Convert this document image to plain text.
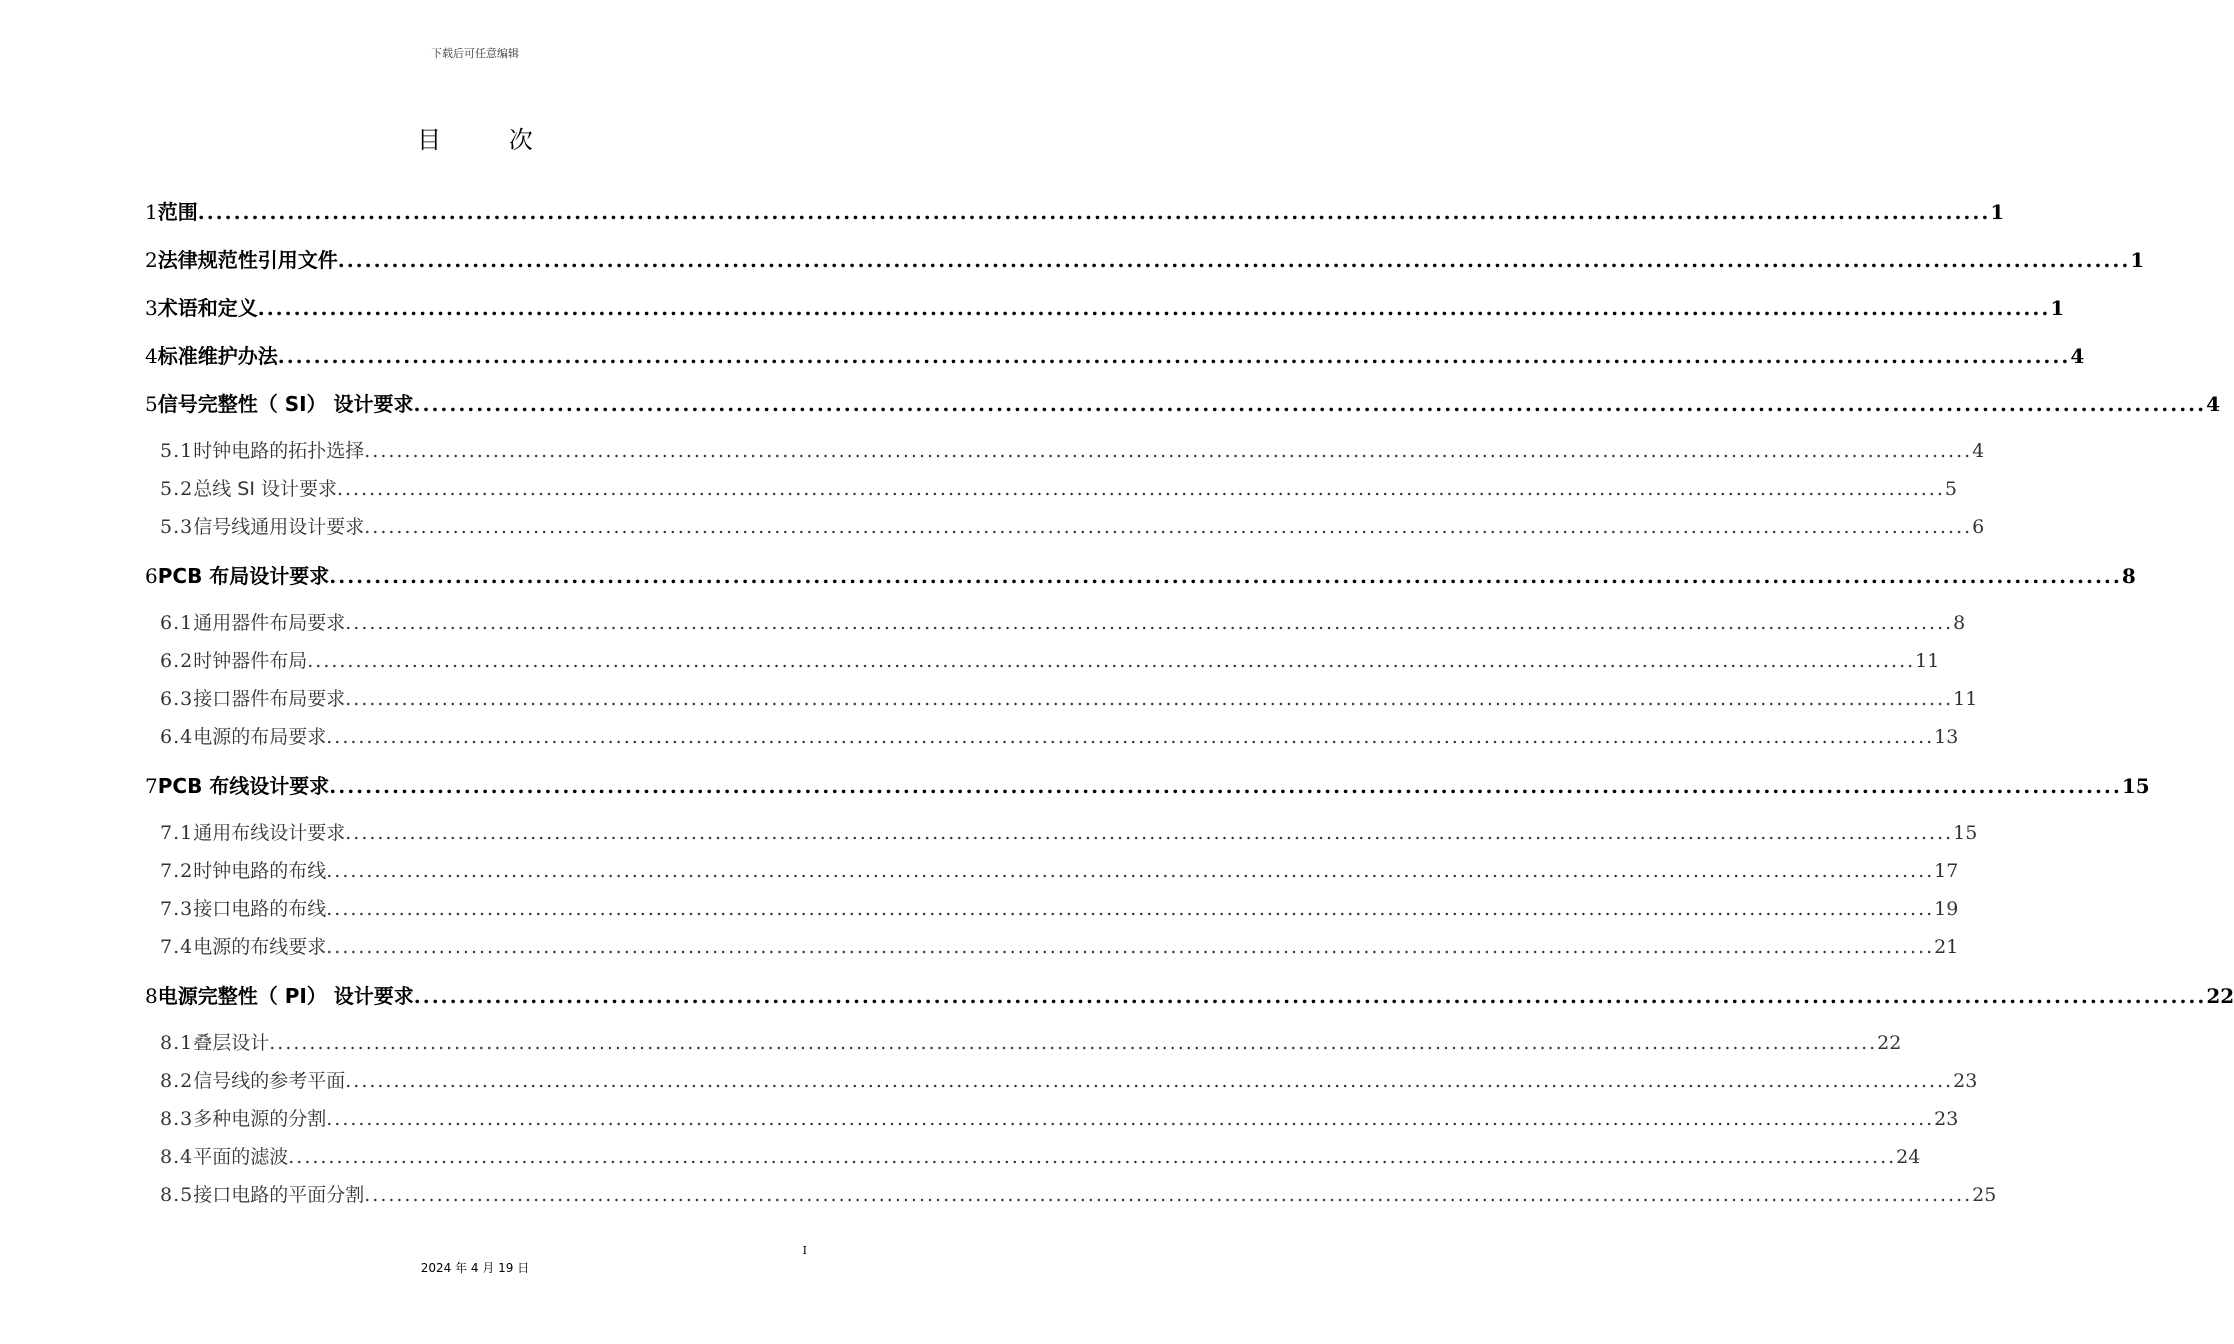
下载后可任意编辑
目 次
1 范围 ........................................................................................................................................................................................................ 1
2 法律规范性引用文件 ........................................................................................................................................................................................................ 1
3 术语和定义 ........................................................................................................................................................................................................ 1
4 标准维护办法 ........................................................................................................................................................................................................ 4
5 信号完整性（ SI） 设计要求 ........................................................................................................................................................................................................ 4
5.1 时钟电路的拓扑选择 ........................................................................................................................................................................................................ 4
5.2 总线 SI 设计要求 ........................................................................................................................................................................................................ 5
5.3 信号线通用设计要求 ........................................................................................................................................................................................................ 6
6 PCB 布局设计要求 ........................................................................................................................................................................................................ 8
6.1 通用器件布局要求 ........................................................................................................................................................................................................ 8
6.2 时钟器件布局 ........................................................................................................................................................................................................ 11
6.3 接口器件布局要求 ........................................................................................................................................................................................................ 11
6.4 电源的布局要求 ........................................................................................................................................................................................................ 13
7 PCB 布线设计要求 ........................................................................................................................................................................................................ 15
7.1 通用布线设计要求 ........................................................................................................................................................................................................ 15
7.2 时钟电路的布线 ........................................................................................................................................................................................................ 17
7.3 接口电路的布线 ........................................................................................................................................................................................................ 19
7.4 电源的布线要求 ........................................................................................................................................................................................................ 21
8 电源完整性（ PI） 设计要求 ........................................................................................................................................................................................................ 22
8.1 叠层设计 ........................................................................................................................................................................................................ 22
8.2 信号线的参考平面 ........................................................................................................................................................................................................ 23
8.3 多种电源的分割 ........................................................................................................................................................................................................ 23
8.4 平面的滤波 ........................................................................................................................................................................................................ 24
8.5 接口电路的平面分割 ........................................................................................................................................................................................................ 25
I
2024 年 4 月 19 日
